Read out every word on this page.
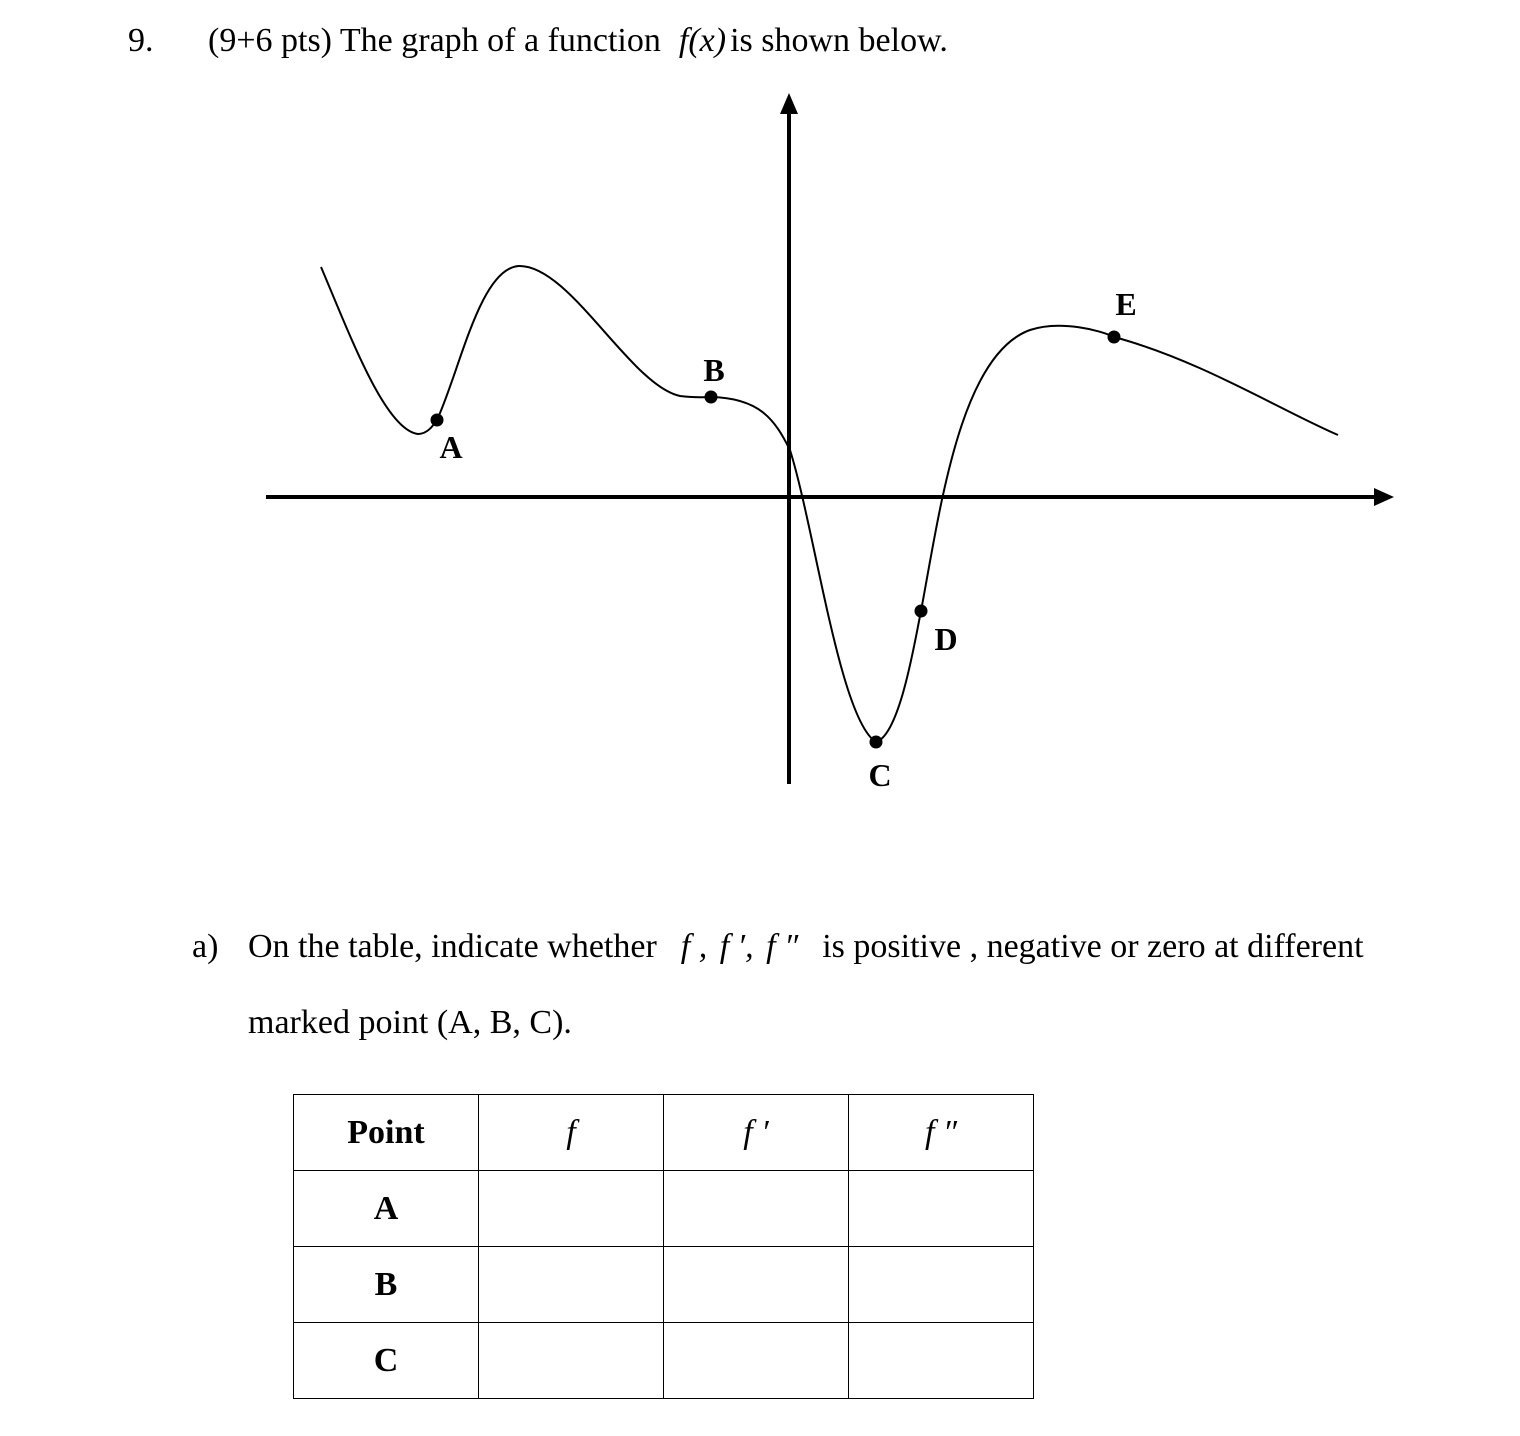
9. (9+6 pts) The graph of a function f(x) is shown below.
A
B
C
D
E
a) On the table, indicate whether f , f ′, f ″ is positive , negative or zero at different
marked point (A, B, C).
Point	f	f ′	f ″
A			
B			
C			
